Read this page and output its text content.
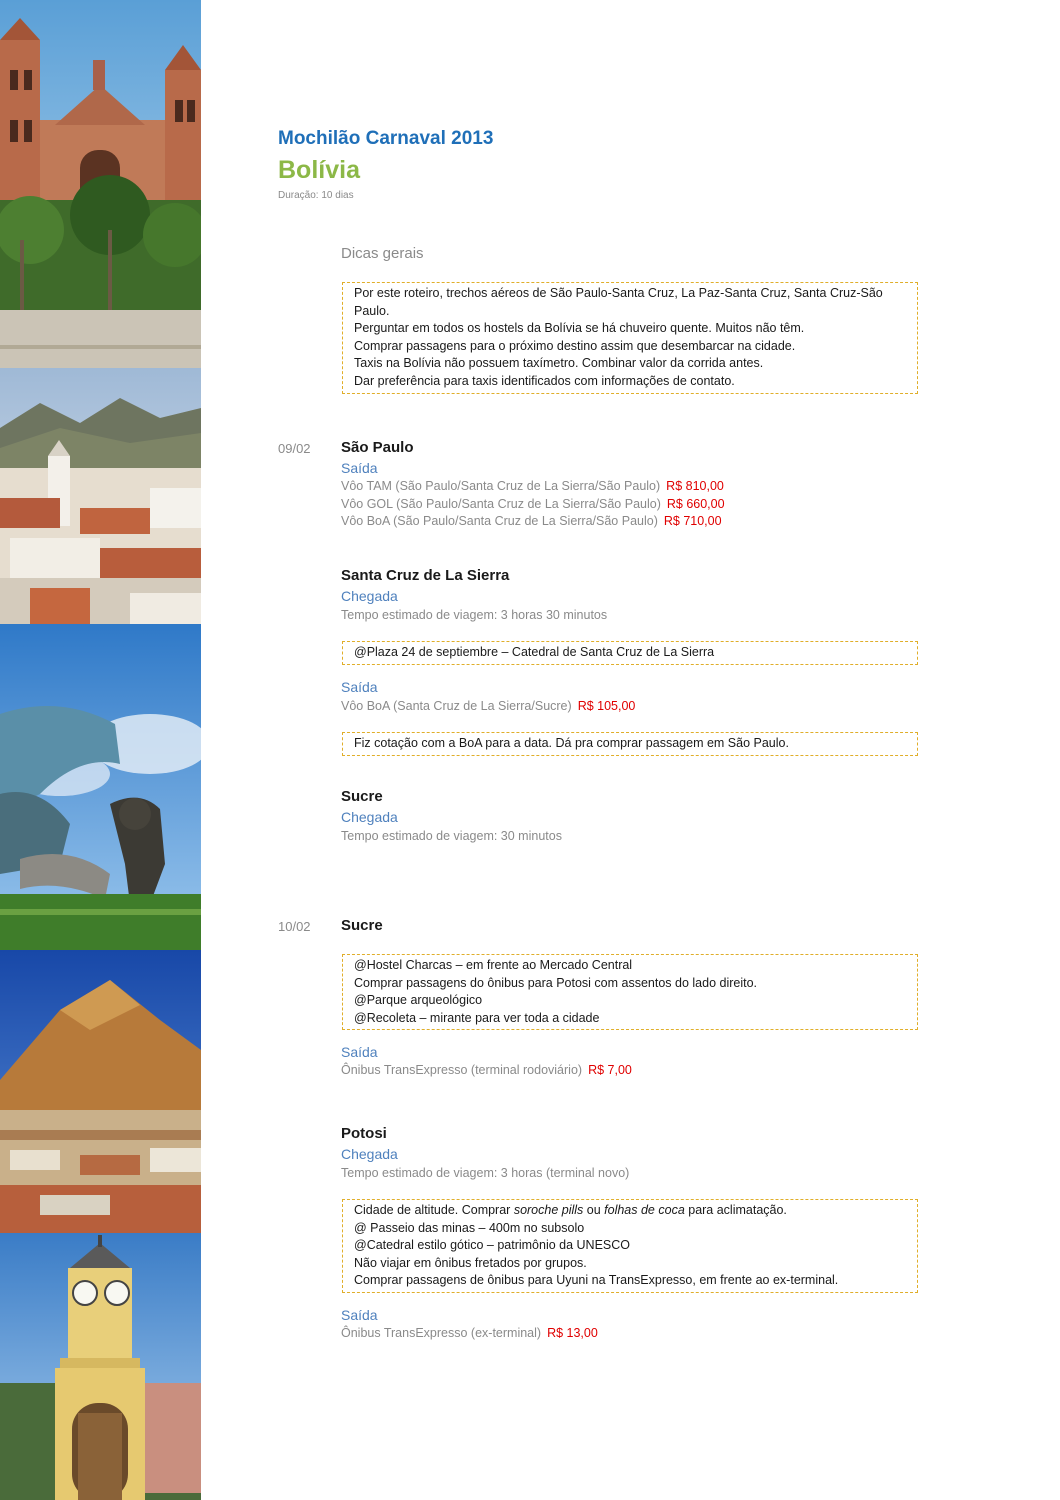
Mochilão Carnaval 2013
Bolívia
Duração: 10 dias
Dicas gerais
Por este roteiro, trechos aéreos de São Paulo-Santa Cruz, La Paz-Santa Cruz, Santa Cruz-São Paulo.
Perguntar em todos os hostels da Bolívia se há chuveiro quente. Muitos não têm.
Comprar passagens para o próximo destino assim que desembarcar na cidade.
Taxis na Bolívia não possuem taxímetro. Combinar valor da corrida antes.
Dar preferência para taxis identificados com informações de contato.
09/02 São Paulo
Saída
Vôo TAM (São Paulo/Santa Cruz de La Sierra/São Paulo) R$ 810,00
Vôo GOL (São Paulo/Santa Cruz de La Sierra/São Paulo) R$ 660,00
Vôo BoA (São Paulo/Santa Cruz de La Sierra/São Paulo) R$ 710,00
Santa Cruz de La Sierra
Chegada
Tempo estimado de viagem: 3 horas 30 minutos
@Plaza 24 de septiembre – Catedral de Santa Cruz de La Sierra
Saída
Vôo BoA (Santa Cruz de La Sierra/Sucre) R$ 105,00
Fiz cotação com a BoA para a data. Dá pra comprar passagem em São Paulo.
Sucre
Chegada
Tempo estimado de viagem: 30 minutos
10/02 Sucre
@Hostel Charcas – em frente ao Mercado Central
Comprar passagens do ônibus para Potosi com assentos do lado direito.
@Parque arqueológico
@Recoleta – mirante para ver toda a cidade
Saída
Ônibus TransExpresso (terminal rodoviário) R$ 7,00
Potosi
Chegada
Tempo estimado de viagem: 3 horas (terminal novo)
Cidade de altitude. Comprar soroche pills ou folhas de coca para aclimatação.
@ Passeio das minas – 400m no subsolo
@Catedral estilo gótico – patrimônio da UNESCO
Não viajar em ônibus fretados por grupos.
Comprar passagens de ônibus para Uyuni na TransExpresso, em frente ao ex-terminal.
Saída
Ônibus TransExpresso (ex-terminal) R$ 13,00
